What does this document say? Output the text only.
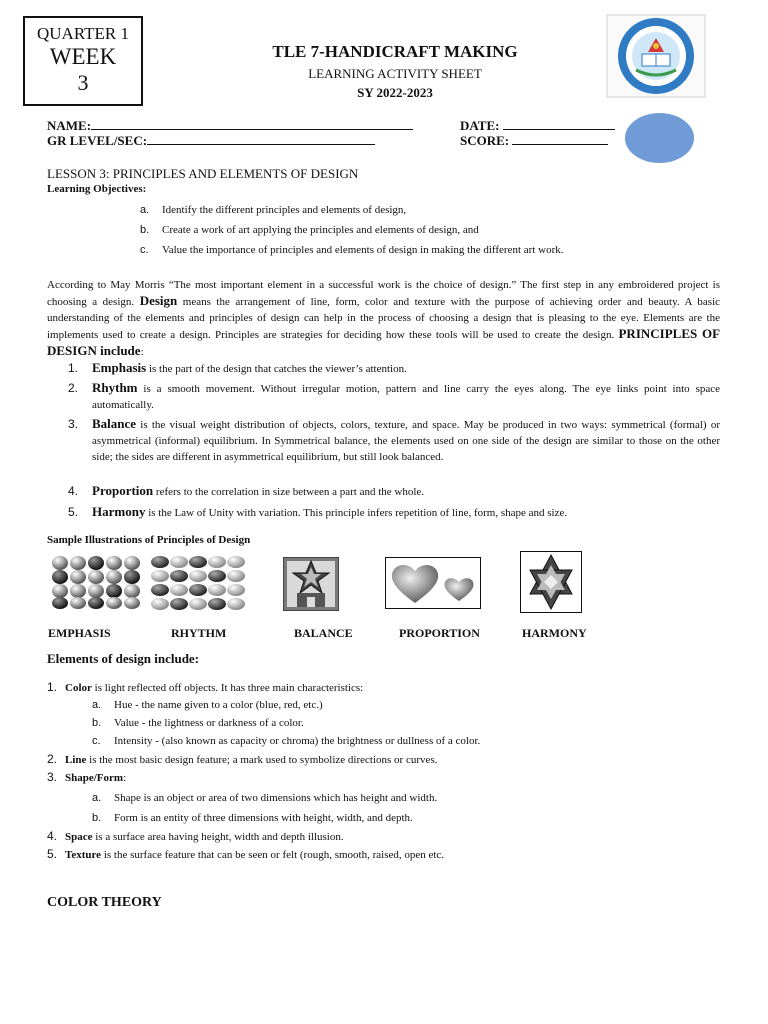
QUARTER 1
WEEK
3
TLE 7-HANDICRAFT MAKING
LEARNING ACTIVITY SHEET
SY 2022-2023
NAME:	DATE:
GR LEVEL/SEC:	SCORE:
LESSON 3: PRINCIPLES AND ELEMENTS OF DESIGN
Learning Objectives:
a. Identify the different principles and elements of design,
b. Create a work of art applying the principles and elements of design, and
c. Value the importance of principles and elements of design in making the different art work.
According to May Morris “The most important element in a successful work is the choice of design.” The first step in any embroidered project is choosing a design. Design means the arrangement of line, form, color and texture with the purpose of achieving order and beauty. A basic understanding of the elements and principles of design can help in the process of choosing a design that is pleasing to the eye. Elements are the implements used to create a design. Principles are strategies for deciding how these tools will be used to create the design. PRINCIPLES OF DESIGN include:
1. Emphasis is the part of the design that catches the viewer’s attention.
2. Rhythm is a smooth movement. Without irregular motion, pattern and line carry the eyes along. The eye links point into space automatically.
3. Balance is the visual weight distribution of objects, colors, texture, and space. May be produced in two ways: symmetrical (formal) or asymmetrical (informal) equilibrium. In Symmetrical balance, the elements used on one side of the design are similar to those on the other side; the sides are different in asymmetrical equilibrium, but still look balanced.
4. Proportion refers to the correlation in size between a part and the whole.
5. Harmony is the Law of Unity with variation. This principle infers repetition of line, form, shape and size.
Sample Illustrations of Principles of Design
EMPHASIS	RHYTHM	BALANCE	PROPORTION	HARMONY
Elements of design include:
1. Color is light reflected off objects. It has three main characteristics:
a. Hue - the name given to a color (blue, red, etc.)
b. Value - the lightness or darkness of a color.
c. Intensity - (also known as capacity or chroma) the brightness or dullness of a color.
2. Line is the most basic design feature; a mark used to symbolize directions or curves.
3. Shape/Form:
a. Shape is an object or area of two dimensions which has height and width.
b. Form is an entity of three dimensions with height, width, and depth.
4. Space is a surface area having height, width and depth illusion.
5. Texture is the surface feature that can be seen or felt (rough, smooth, raised, open etc.
COLOR THEORY
